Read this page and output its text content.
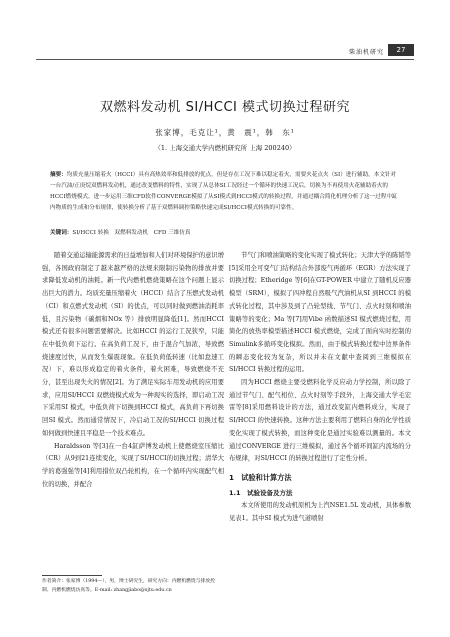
柴油机研究	27
双燃料发动机 SI/HCCI 模式切换过程研究
张家博，毛克让¹，黄　震¹，韩　东¹
（1. 上海交通大学内燃机研究所 上海 200240）
摘要：均质充量压缩着火（HCCI）具有高热效率和低排放的优点，但是存在工况下难以稳定着火，需要火花点火（SI）进行辅助。本文针对一台汽油/正庚烷双燃料发动机，通过改变燃料的特性，实现了从总体SI工况经过一个循环的快速工况后，切换为不再使用火花辅助着火的HCCI燃烧模式。进一步运用三维CFD软件CONVERGE模拟了从SI模式到HCCI模式的转换过程，并通过耦合简化机理分析了这一过程中缸内物质的生成和分布规律，使转换分析了基于双燃料调控策略快速完成SI/HCCI模式转换的可靠性。
关键词：SI/HCCI 转换　双燃料发动机　CFD 三维仿真

随着交通运输能源需求的日益增加和人们对环境保护的意识增强，各国政府制定了越来越严格的法规来限制污染物的排放并要求降低发动机的油耗。新一代内燃机燃烧策略在这个问题上显示出巨大的潜力。均质充量压缩着火（HCCI）结合了压燃式发动机（CI）和点燃式发动机（SI）的优点，可以同时做到燃油消耗率低，且污染物（碳烟和NOx 等）排放明显降低[1]。然而HCCI 模式还有很多问题需要解决。比如HCCI 的运行工况狭窄，只能在中低负荷下运行。在高负荷工况下，由于混合气加浓，导致燃烧速度过快，从而发生爆震现象。在低负荷低转速（比如怠速工况）下，难以形成稳定的着火条件，着火困难，导致燃烧不充分，甚至出现失火的情况[2]。为了满足实际车用发动机的应用要求，应用SI/HCCI 双燃烧模式成为一种现实的选择，即启动工况下采用SI 模式，中低负荷下切换到HCCI 模式，高负荷下再切换回SI 模式。然而通常情况下，冷启动工况的SI/HCCI 切换过程如何做到快速且平稳是一个技术难点。

Haraldsson 等[3]在一台4缸萨博发动机上使燃烧室压缩比（CR）从9到21连续变化，实现了SI/HCCI的切换过程；清华大学的葛强强等[4]利用措位双凸轮机构，在一个循环内实现配气相位的切换，并配合

节气门和喷油策略的变化实现了模式转化；天津大学的陈韬等[5]采用全可变气门结构结合外部废气再循环（EGR）方法实现了切换过程；Etheridge 等[6]在GT-POWER 中建立了随机反应器模型（SRM），模拟了四冲程自然吸气汽油机从SI 到HCCI 的模式转化过程，其中涉及到了凸轮型线、节气门、点火时刻和喷油策略等的变化；Ma 等[7]用Vibe 函数描述SI 模式燃烧过程，用简化的放热率模型描述HCCI 模式燃烧，完成了面向实时控制的Simulink多循环变化模拟。然而，由于模式转换过程中边界条件的瞬态变化较为复杂，所以并未在文献中查阅到三维模拟在SI/HCCI 转换过程的运用。

因为HCCI 燃烧主要受燃料化学反应动力学控制，所以除了通过节气门、配气相位、点火时刻等手段外，上海交通大学毛宏雷等[8]采用燃料设计的方法，通过改变缸内燃料成分，实现了SI/HCCI 的快速转换。这种方法主要利用了燃料自身的化学性质变化实现了模式转换，而这种变化是通过实验难以测量的。本文通过CONVERGE 进行三维模拟，通过各个循环间缸内流场的分布规律，对SI/HCCI 的转换过程进行了定性分析。

1　试验和计算方法
1.1　试验设备及方法

本文所使用的发动机原机为上汽NSE1.5L 发动机，具体参数见表1。其中SI 模式为进气道喷射

作者简介：张家博（1994—），男，博士研究生，研究方向：内燃机燃烧与排放控制、内燃机燃烧仿真等。E-mail: zhangjiabo@sjtu.edu.cn
